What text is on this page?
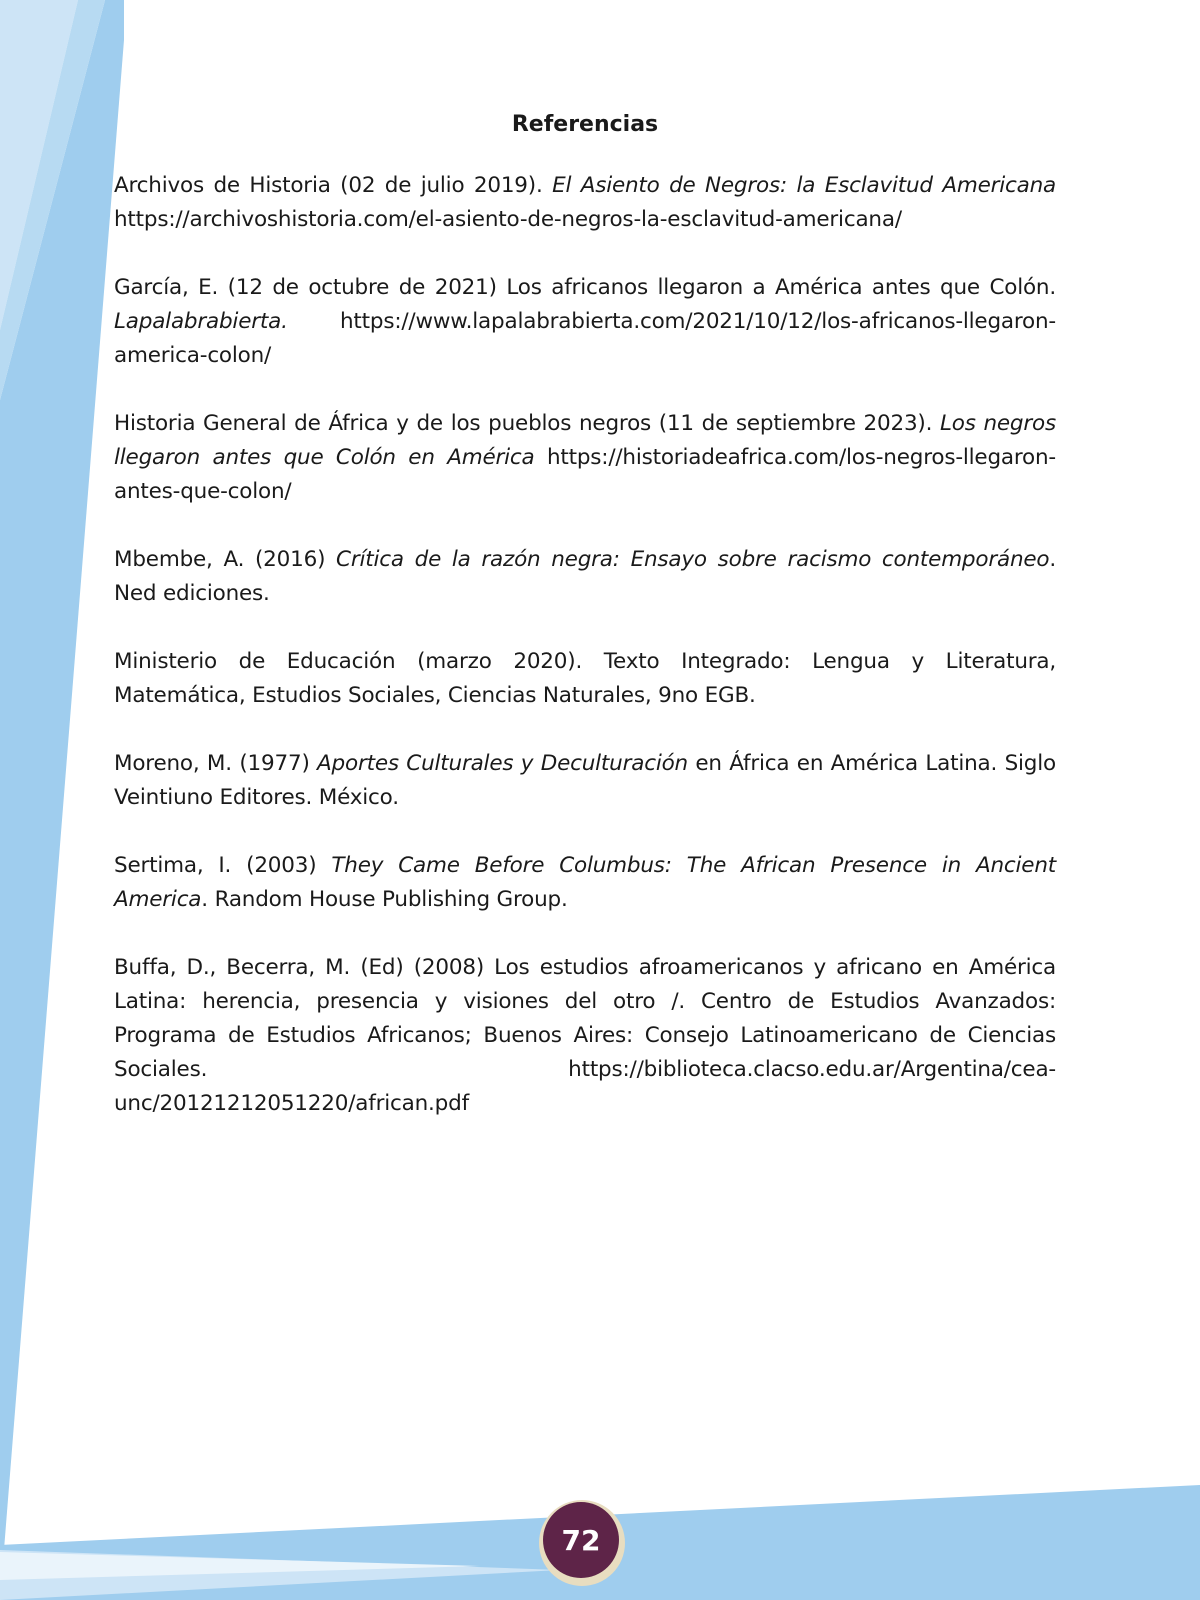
Referencias

Archivos de Historia (02 de julio 2019). El Asiento de Negros: la Esclavitud Americana https://archivoshistoria.com/el-asiento-de-negros-la-esclavitud-americana/

García, E. (12 de octubre de 2021) Los africanos llegaron a América antes que Colón. Lapalabrabierta. https://www.lapalabrabierta.com/2021/10/12/los-africanos-llegaron-america-colon/

Historia General de África y de los pueblos negros (11 de septiembre 2023). Los negros llegaron antes que Colón en América https://historiadeafrica.com/los-negros-llegaron-antes-que-colon/

Mbembe, A. (2016) Crítica de la razón negra: Ensayo sobre racismo contemporáneo. Ned ediciones.

Ministerio de Educación (marzo 2020). Texto Integrado: Lengua y Literatura, Matemática, Estudios Sociales, Ciencias Naturales, 9no EGB.

Moreno, M. (1977) Aportes Culturales y Deculturación en África en América Latina. Siglo Veintiuno Editores. México.

Sertima, I. (2003) They Came Before Columbus: The African Presence in Ancient America. Random House Publishing Group.

Buffa, D., Becerra, M. (Ed) (2008) Los estudios afroamericanos y africano en América Latina: herencia, presencia y visiones del otro /. Centro de Estudios Avanzados: Programa de Estudios Africanos; Buenos Aires: Consejo Latinoamericano de Ciencias Sociales. https://biblioteca.clacso.edu.ar/Argentina/cea-unc/20121212051220/african.pdf

72
